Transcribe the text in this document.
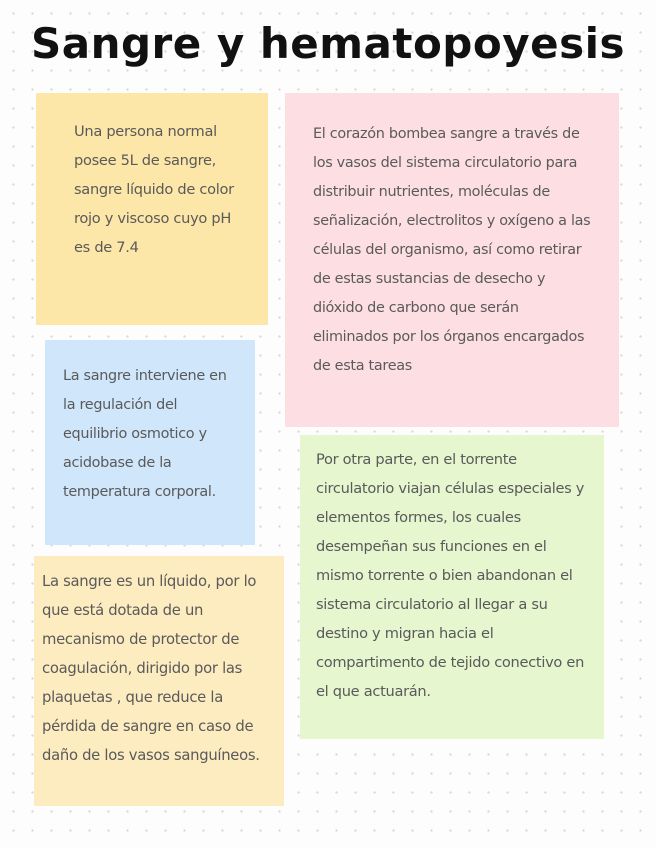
Sangre y hematopoyesis

Una persona normal posee 5L de sangre, sangre líquido de color rojo y viscoso cuyo pH es de 7.4

El corazón bombea sangre a través de los vasos del sistema circulatorio para distribuir nutrientes, moléculas de señalización, electrolitos y oxígeno a las células del organismo, así como retirar de estas sustancias de desecho y dióxido de carbono que serán eliminados por los órganos encargados de esta tareas

La sangre interviene en la regulación del equilibrio osmotico y acidobase de la temperatura corporal.

Por otra parte, en el torrente circulatorio viajan células especiales y elementos formes, los cuales desempeñan sus funciones en el mismo torrente o bien abandonan el sistema circulatorio al llegar a su destino y migran hacia el compartimento de tejido conectivo en el que actuarán.

La sangre es un líquido, por lo que está dotada de un mecanismo de protector de coagulación, dirigido por las plaquetas , que reduce la pérdida de sangre en caso de daño de los vasos sanguíneos.
